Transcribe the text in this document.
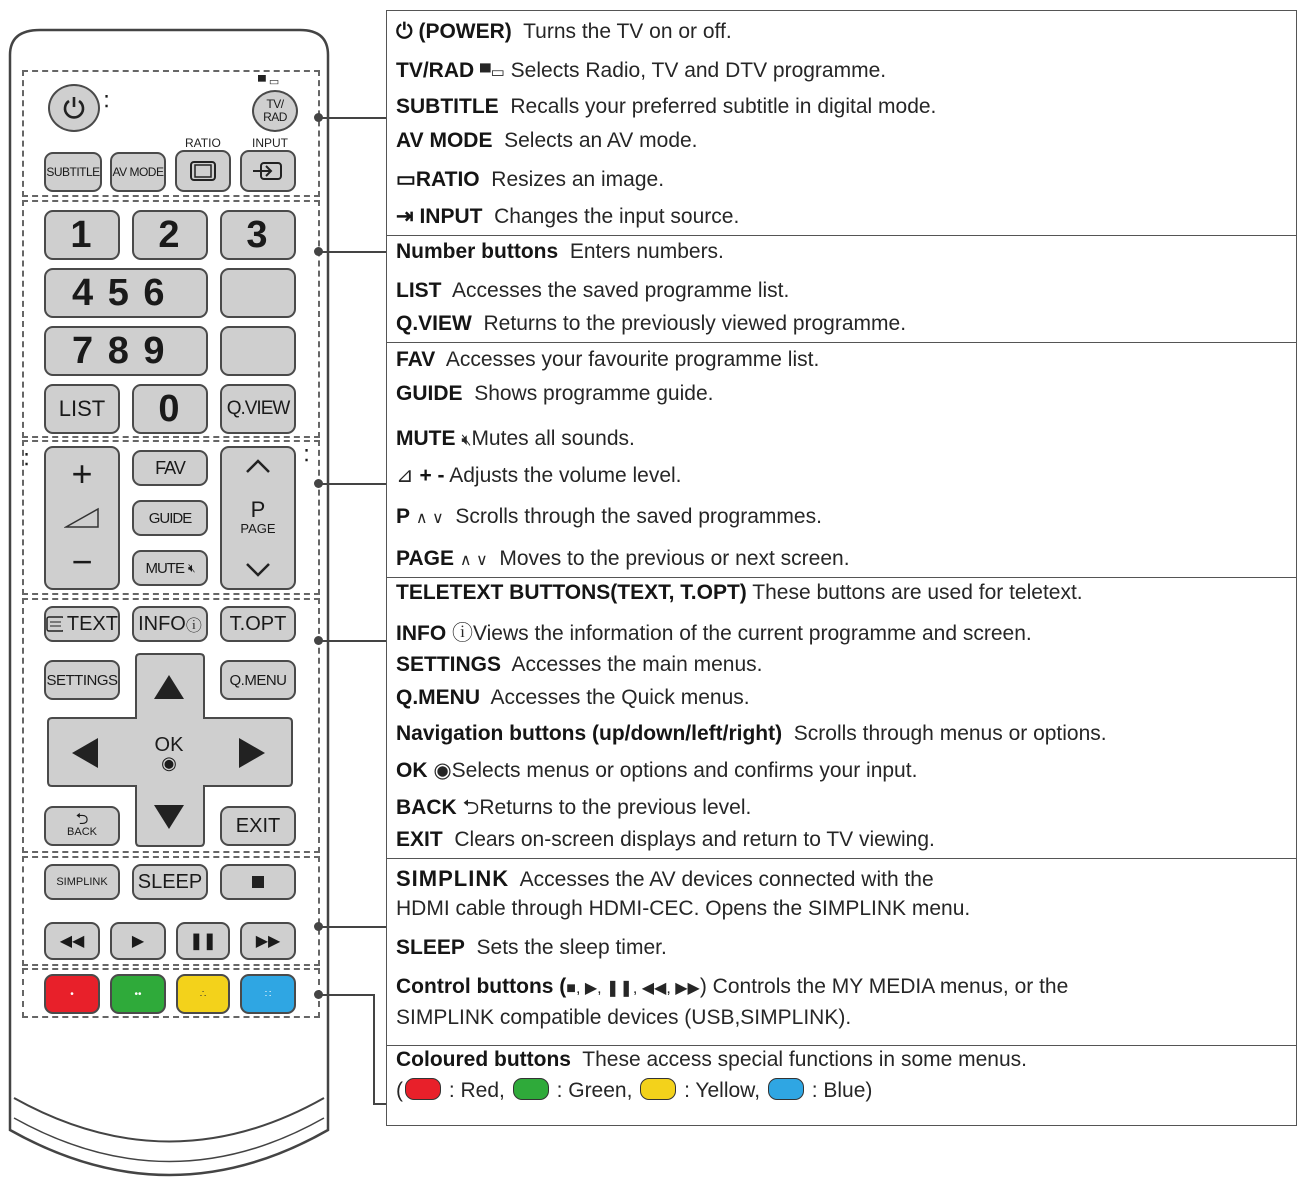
⁚
▀ ▭
TV/
RAD
RATIO	INPUT
SUBTITLE AV MODE
1	2	3
4 5 6
7 8 9
LIST	0	Q.VIEW
⁚	⁚
+
−
FAV
GUIDE
MUTE 🔇︎
P
PAGE
TEXT INFO ⓘ	T.OPT
SETTINGS	Q.MENU
OK
◉
⮌
BACK	EXIT
SIMPLINK	SLEEP
◀◀	▶	❚❚ ▶▶
•	••	∴	∷
⏻ (POWER) Turns the TV on or off.
TV/RAD ▀▭ Selects Radio, TV and DTV programme.
SUBTITLE Recalls your preferred subtitle in digital mode.
AV MODE Selects an AV mode.
▭RATIO Resizes an image.
⇥ INPUT Changes the input source.
Number buttons Enters numbers.
LIST Accesses the saved programme list.
Q.VIEW Returns to the previously viewed programme.
FAV Accesses your favourite programme list.
GUIDE Shows programme guide.
MUTE 🔇︎Mutes all sounds.
⊿ + - Adjusts the volume level.
P ∧ ∨ Scrolls through the saved programmes.
PAGE ∧ ∨ Moves to the previous or next screen.
TELETEXT BUTTONS(TEXT, T.OPT) These buttons are used for teletext.
INFO ⓘViews the information of the current programme and screen.
SETTINGS Accesses the main menus.
Q.MENU Accesses the Quick menus.
Navigation buttons (up/down/left/right) Scrolls through menus or options.
OK ◉Selects menus or options and confirms your input.
BACK ⮌Returns to the previous level.
EXIT Clears on-screen displays and return to TV viewing.
SIMPLINK Accesses the AV devices connected with the
HDMI cable through HDMI-CEC. Opens the SIMPLINK menu.
SLEEP Sets the sleep timer.
Control buttons (■, ▶, ❚❚, ◀◀, ▶▶) Controls the MY MEDIA menus, or the
SIMPLINK compatible devices (USB,SIMPLINK).
Coloured buttons These access special functions in some menus.
( : Red, : Green, : Yellow, : Blue)
